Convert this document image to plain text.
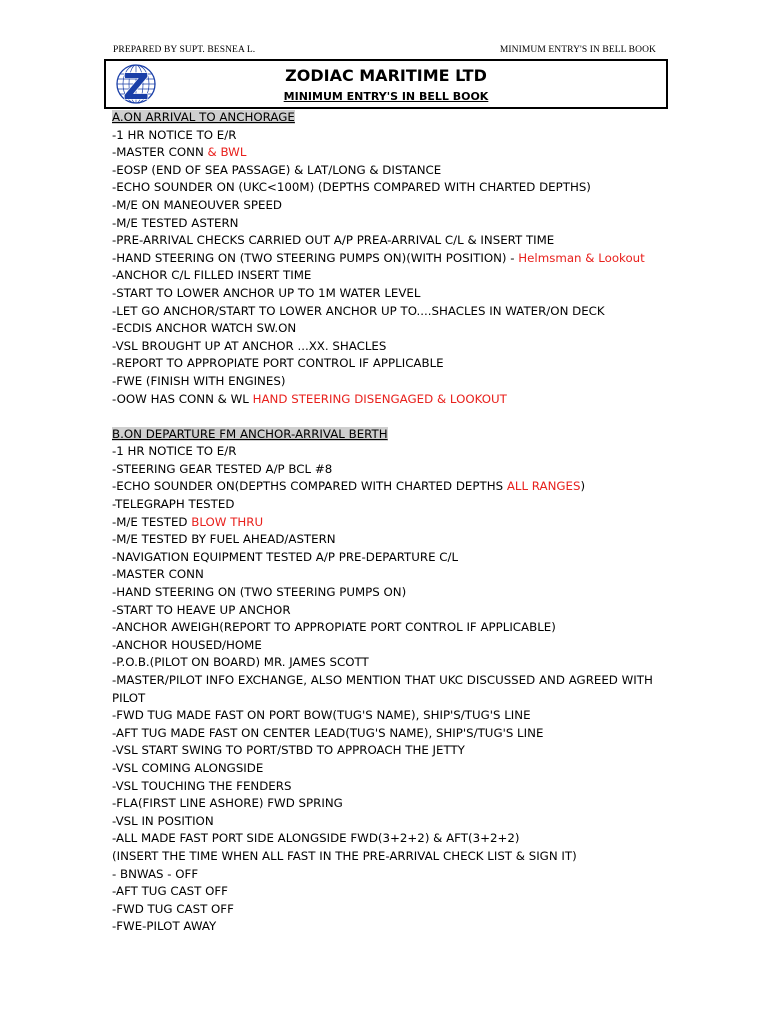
PREPARED BY SUPT. BESNEA L.	MINIMUM ENTRY'S IN BELL BOOK
Z	ZODIAC MARITIME LTD
MINIMUM ENTRY'S IN BELL BOOK
A.ON ARRIVAL TO ANCHORAGE
-1 HR NOTICE TO E/R
-MASTER CONN & BWL
-EOSP (END OF SEA PASSAGE) & LAT/LONG & DISTANCE
-ECHO SOUNDER ON (UKC<100M) (DEPTHS COMPARED WITH CHARTED DEPTHS)
-M/E ON MANEOUVER SPEED
-M/E TESTED ASTERN
-PRE-ARRIVAL CHECKS CARRIED OUT A/P PREA-ARRIVAL C/L & INSERT TIME
-HAND STEERING ON (TWO STEERING PUMPS ON)(WITH POSITION) - Helmsman & Lookout
-ANCHOR C/L FILLED INSERT TIME
-START TO LOWER ANCHOR UP TO 1M WATER LEVEL
-LET GO ANCHOR/START TO LOWER ANCHOR UP TO....SHACLES IN WATER/ON DECK
-ECDIS ANCHOR WATCH SW.ON
-VSL BROUGHT UP AT ANCHOR ...XX. SHACLES
-REPORT TO APPROPIATE PORT CONTROL IF APPLICABLE
-FWE (FINISH WITH ENGINES)
-OOW HAS CONN & WL HAND STEERING DISENGAGED & LOOKOUT
B.ON DEPARTURE FM ANCHOR-ARRIVAL BERTH
-1 HR NOTICE TO E/R
-STEERING GEAR TESTED A/P BCL #8
-ECHO SOUNDER ON(DEPTHS COMPARED WITH CHARTED DEPTHS ALL RANGES)
-TELEGRAPH TESTED
-M/E TESTED BLOW THRU
-M/E TESTED BY FUEL AHEAD/ASTERN
-NAVIGATION EQUIPMENT TESTED A/P PRE-DEPARTURE C/L
-MASTER CONN
-HAND STEERING ON (TWO STEERING PUMPS ON)
-START TO HEAVE UP ANCHOR
-ANCHOR AWEIGH(REPORT TO APPROPIATE PORT CONTROL IF APPLICABLE)
-ANCHOR HOUSED/HOME
-P.O.B.(PILOT ON BOARD) MR. JAMES SCOTT
-MASTER/PILOT INFO EXCHANGE, ALSO MENTION THAT UKC DISCUSSED AND AGREED WITH PILOT
-FWD TUG MADE FAST ON PORT BOW(TUG'S NAME), SHIP'S/TUG'S LINE
-AFT TUG MADE FAST ON CENTER LEAD(TUG'S NAME), SHIP'S/TUG'S LINE
-VSL START SWING TO PORT/STBD TO APPROACH THE JETTY
-VSL COMING ALONGSIDE
-VSL TOUCHING THE FENDERS
-FLA(FIRST LINE ASHORE) FWD SPRING
-VSL IN POSITION
-ALL MADE FAST PORT SIDE ALONGSIDE FWD(3+2+2) & AFT(3+2+2)
(INSERT THE TIME WHEN ALL FAST IN THE PRE-ARRIVAL CHECK LIST & SIGN IT)
- BNWAS - OFF
-AFT TUG CAST OFF
-FWD TUG CAST OFF
-FWE-PILOT AWAY
